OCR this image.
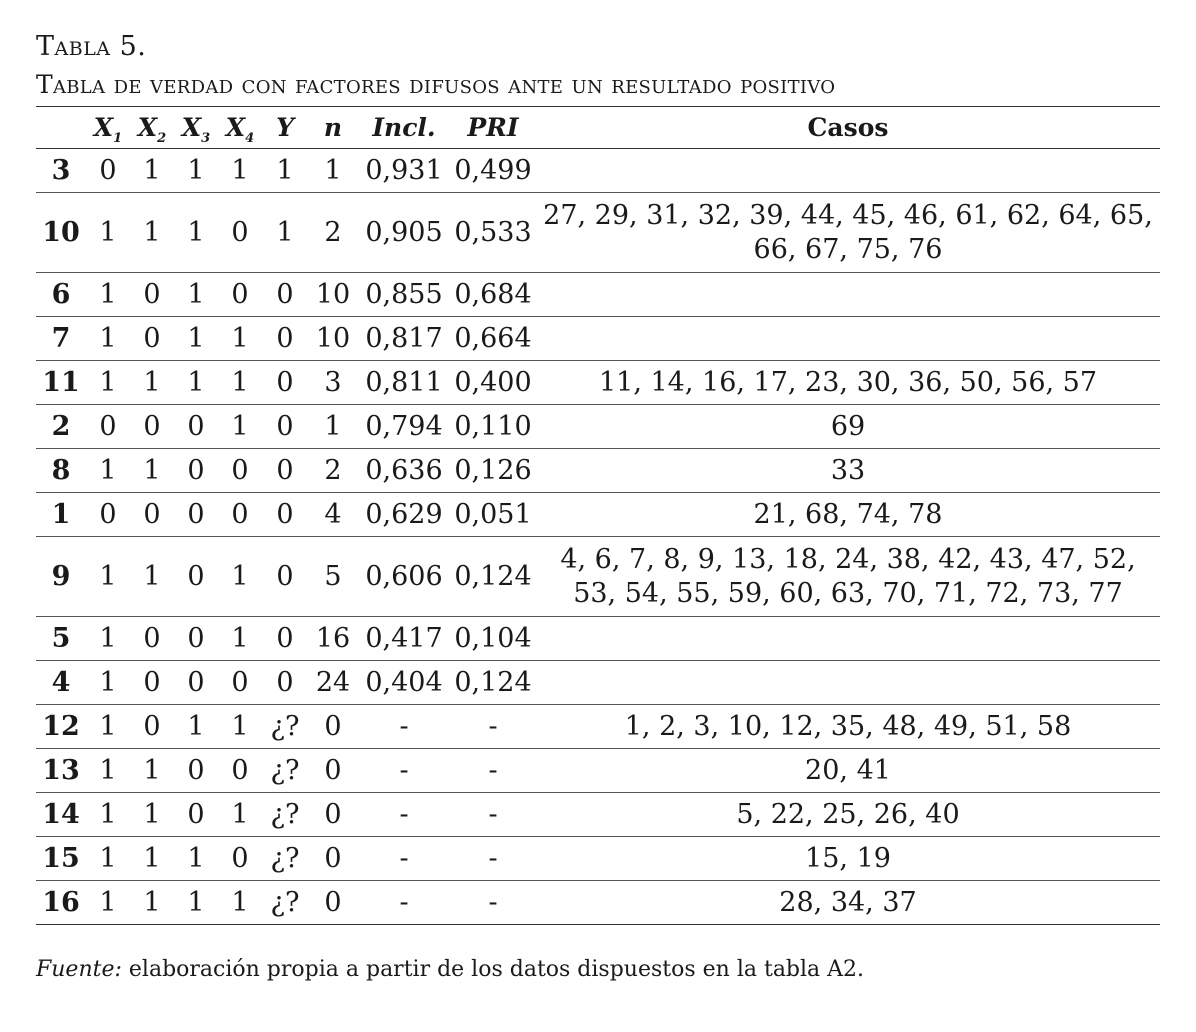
Tabla 5.
Tabla de verdad con factores difusos ante un resultado positivo
	$X_1$	$X_2$	$X_3$	$X_4$	Y	n	Incl.	PRI	Casos
3	0	1	1	1	1	1	0,931	0,499	
10	1	1	1	0	1	2	0,905	0,533	27, 29, 31, 32, 39, 44, 45, 46, 61, 62, 64, 65, 66, 67, 75, 76
6	1	0	1	0	0	10	0,855	0,684	
7	1	0	1	1	0	10	0,817	0,664	
11	1	1	1	1	0	3	0,811	0,400	11, 14, 16, 17, 23, 30, 36, 50, 56, 57
2	0	0	0	1	0	1	0,794	0,110	69
8	1	1	0	0	0	2	0,636	0,126	33
1	0	0	0	0	0	4	0,629	0,051	21, 68, 74, 78
9	1	1	0	1	0	5	0,606	0,124	4, 6, 7, 8, 9, 13, 18, 24, 38, 42, 43, 47, 52, 53, 54, 55, 59, 60, 63, 70, 71, 72, 73, 77
5	1	0	0	1	0	16	0,417	0,104	
4	1	0	0	0	0	24	0,404	0,124	
12	1	0	1	1	¿?	0	-	-	1, 2, 3, 10, 12, 35, 48, 49, 51, 58
13	1	1	0	0	¿?	0	-	-	20, 41
14	1	1	0	1	¿?	0	-	-	5, 22, 25, 26, 40
15	1	1	1	0	¿?	0	-	-	15, 19
16	1	1	1	1	¿?	0	-	-	28, 34, 37
Fuente: elaboración propia a partir de los datos dispuestos en la tabla A2.
